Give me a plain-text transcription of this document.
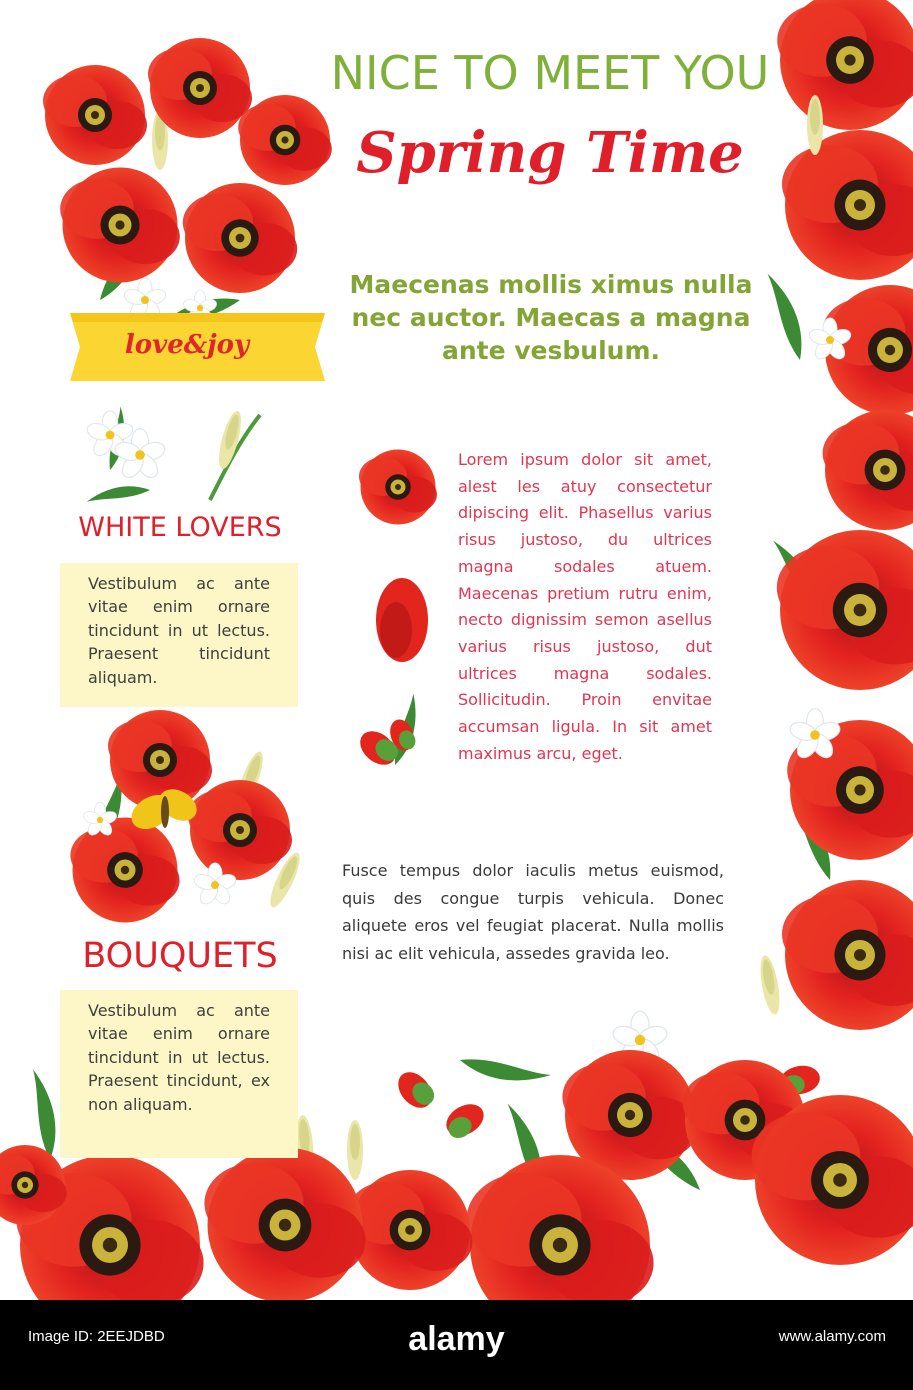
NICE TO MEET YOU
Spring Time
Maecenas mollis ximus nulla nec auctor. Maecas a magna ante vesbulum.
love&joy
WHITE LOVERS
Vestibulum ac ante vitae enim ornare tincidunt in ut lectus. Praesent tincidunt aliquam.
BOUQUETS
Vestibulum ac ante vitae enim ornare tincidunt in ut lectus. Praesent tincidunt, ex non aliquam.
Lorem ipsum dolor sit amet, alest les atuy consectetur dipiscing elit. Phasellus varius risus justoso, du ultrices magna sodales atuem. Maecenas pretium rutru enim, necto dignissim semon asellus varius risus justoso, dut ultrices magna sodales. Sollicitudin. Proin envitae accumsan ligula. In sit amet maximus arcu, eget.
Fusce tempus dolor iaculis metus euismod, quis des congue turpis vehicula. Donec aliquete eros vel feugiat placerat. Nulla mollis nisi ac elit vehicula, assedes gravida leo.
alamy
Image ID: 2EEJDBD	www.alamy.com
